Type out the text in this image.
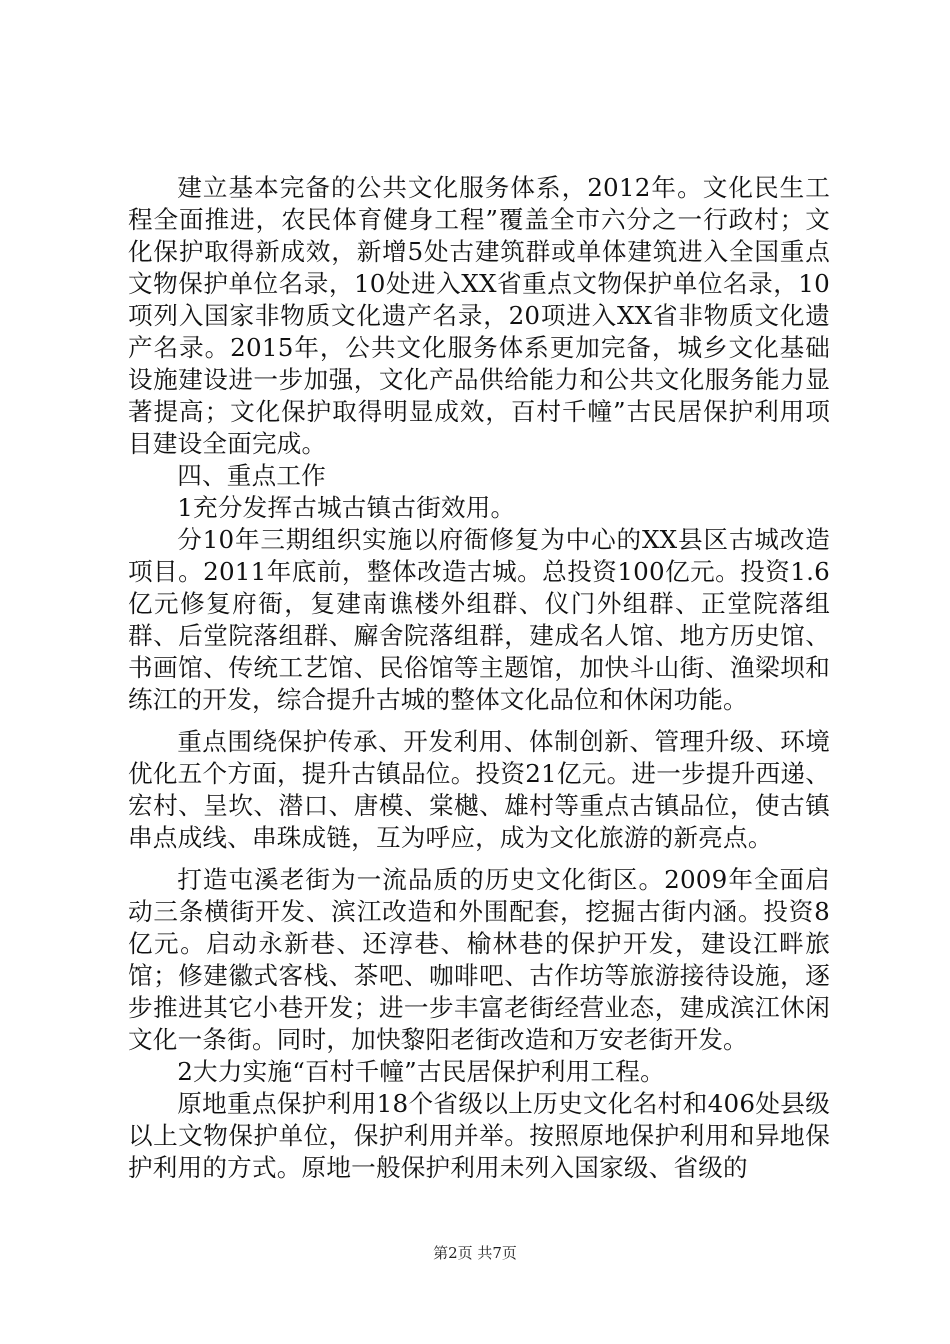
建立基本完备的公共文化服务体系，2012年。文化民生工程全面推进，农民体育健身工程”覆盖全市六分之一行政村；文化保护取得新成效，新增5处古建筑群或单体建筑进入全国重点文物保护单位名录，10处进入XX省重点文物保护单位名录，10项列入国家非物质文化遗产名录，20项进入XX省非物质文化遗产名录。2015年，公共文化服务体系更加完备，城乡文化基础设施建设进一步加强，文化产品供给能力和公共文化服务能力显著提高；文化保护取得明显成效，百村千幢”古民居保护利用项目建设全面完成。

四、重点工作

1充分发挥古城古镇古街效用。

分10年三期组织实施以府衙修复为中心的XX县区古城改造项目。2011年底前，整体改造古城。总投资100亿元。投资1.6亿元修复府衙，复建南谯楼外组群、仪门外组群、正堂院落组群、后堂院落组群、廨舍院落组群，建成名人馆、地方历史馆、书画馆、传统工艺馆、民俗馆等主题馆，加快斗山街、渔梁坝和练江的开发，综合提升古城的整体文化品位和休闲功能。

重点围绕保护传承、开发利用、体制创新、管理升级、环境优化五个方面，提升古镇品位。投资21亿元。进一步提升西递、宏村、呈坎、潜口、唐模、棠樾、雄村等重点古镇品位，使古镇串点成线、串珠成链，互为呼应，成为文化旅游的新亮点。

打造屯溪老街为一流品质的历史文化街区。2009年全面启动三条横街开发、滨江改造和外围配套，挖掘古街内涵。投资8亿元。启动永新巷、还淳巷、榆林巷的保护开发，建设江畔旅馆；修建徽式客栈、茶吧、咖啡吧、古作坊等旅游接待设施，逐步推进其它小巷开发；进一步丰富老街经营业态，建成滨江休闲文化一条街。同时，加快黎阳老街改造和万安老街开发。

2大力实施“百村千幢”古民居保护利用工程。

原地重点保护利用18个省级以上历史文化名村和406处县级以上文物保护单位，保护利用并举。按照原地保护利用和异地保护利用的方式。原地一般保护利用未列入国家级、省级的

第2页 共7页
